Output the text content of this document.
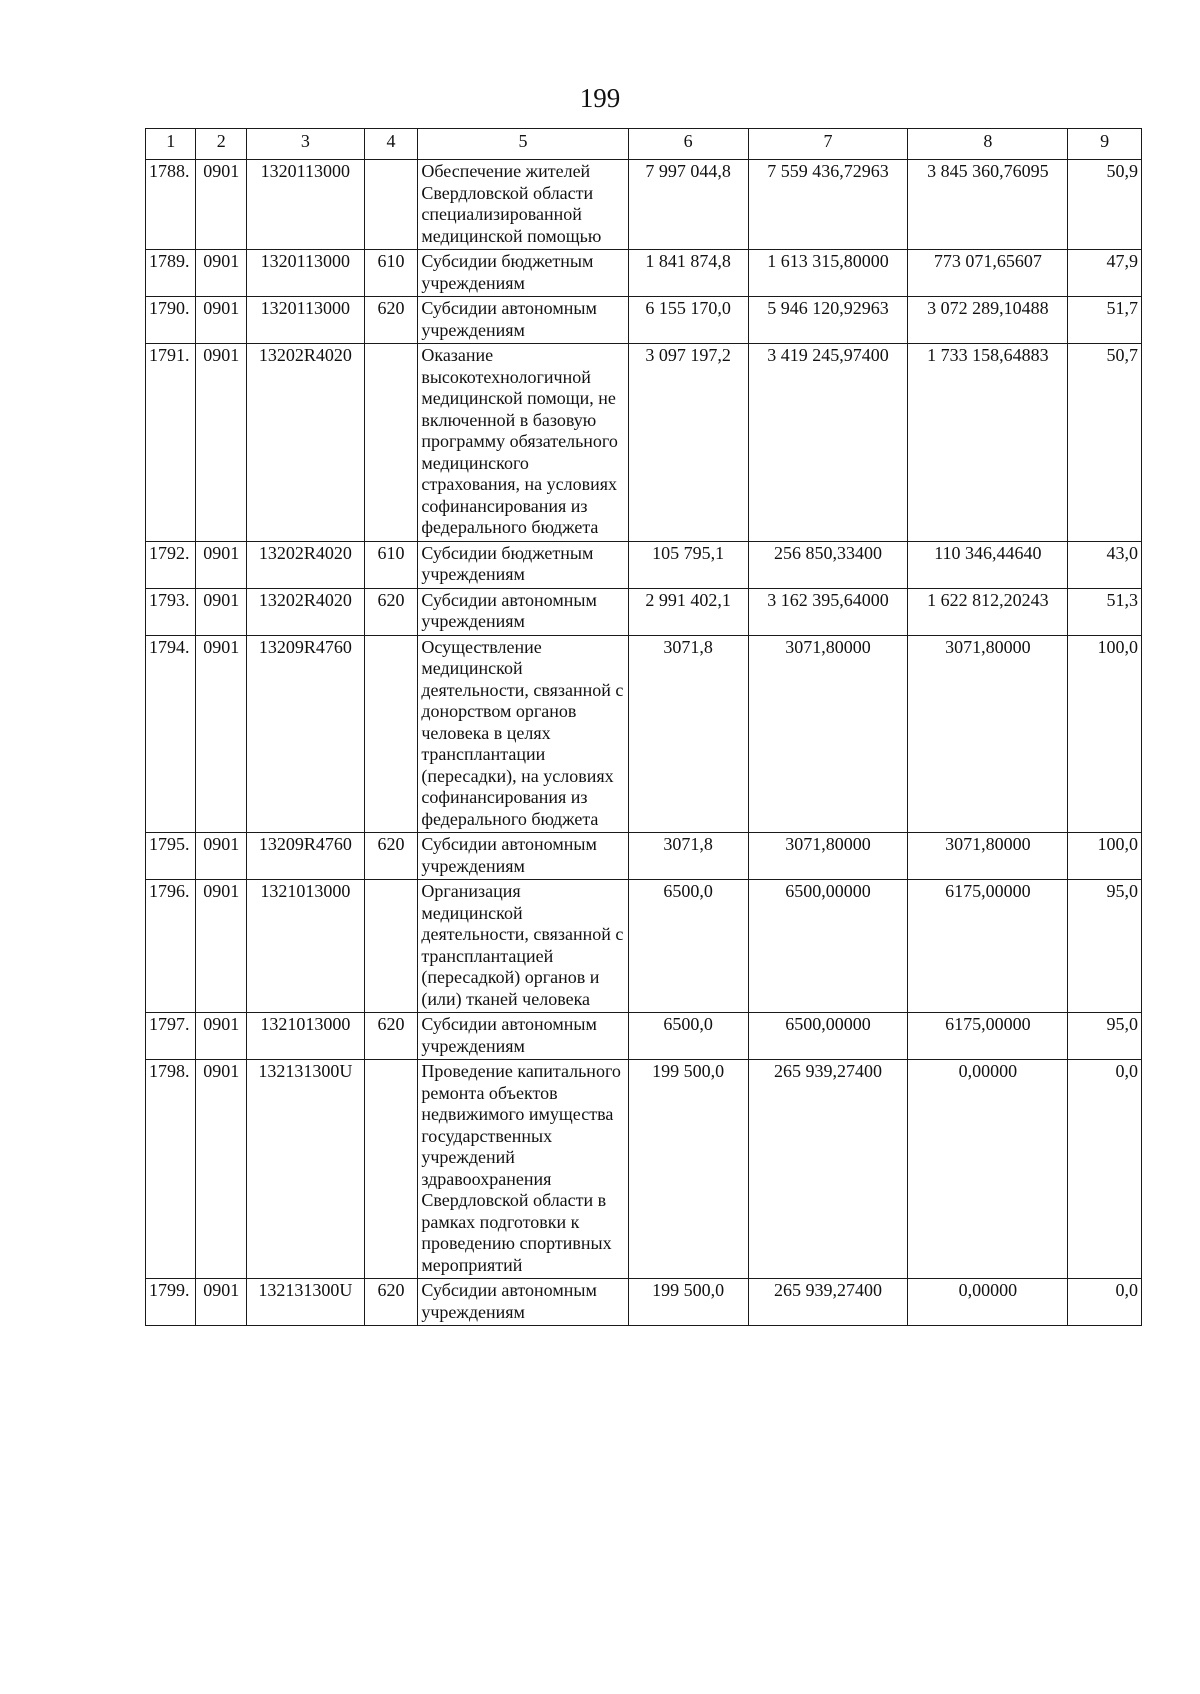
199
1	2	3	4	5	6	7	8	9
1788.	0901	1320113000		Обеспечение жителей Свердловской области специализированной медицинской помощью	7 997 044,8	7 559 436,72963	3 845 360,76095	50,9
1789.	0901	1320113000	610	Субсидии бюджетным учреждениям	1 841 874,8	1 613 315,80000	773 071,65607	47,9
1790.	0901	1320113000	620	Субсидии автономным учреждениям	6 155 170,0	5 946 120,92963	3 072 289,10488	51,7
1791.	0901	13202R4020		Оказание высокотехнологичной медицинской помощи, не включенной в базовую программу обязательного медицинского страхования, на условиях софинансирования из федерального бюджета	3 097 197,2	3 419 245,97400	1 733 158,64883	50,7
1792.	0901	13202R4020	610	Субсидии бюджетным учреждениям	105 795,1	256 850,33400	110 346,44640	43,0
1793.	0901	13202R4020	620	Субсидии автономным учреждениям	2 991 402,1	3 162 395,64000	1 622 812,20243	51,3
1794.	0901	13209R4760		Осуществление медицинской деятельности, связанной с донорством органов человека в целях трансплантации (пересадки), на условиях софинансирования из федерального бюджета	3071,8	3071,80000	3071,80000	100,0
1795.	0901	13209R4760	620	Субсидии автономным учреждениям	3071,8	3071,80000	3071,80000	100,0
1796.	0901	1321013000		Организация медицинской деятельности, связанной с трансплантацией (пересадкой) органов и (или) тканей человека	6500,0	6500,00000	6175,00000	95,0
1797.	0901	1321013000	620	Субсидии автономным учреждениям	6500,0	6500,00000	6175,00000	95,0
1798.	0901	132131300U		Проведение капитального ремонта объектов недвижимого имущества государственных учреждений здравоохранения Свердловской области в рамках подготовки к проведению спортивных мероприятий	199 500,0	265 939,27400	0,00000	0,0
1799.	0901	132131300U	620	Субсидии автономным учреждениям	199 500,0	265 939,27400	0,00000	0,0
